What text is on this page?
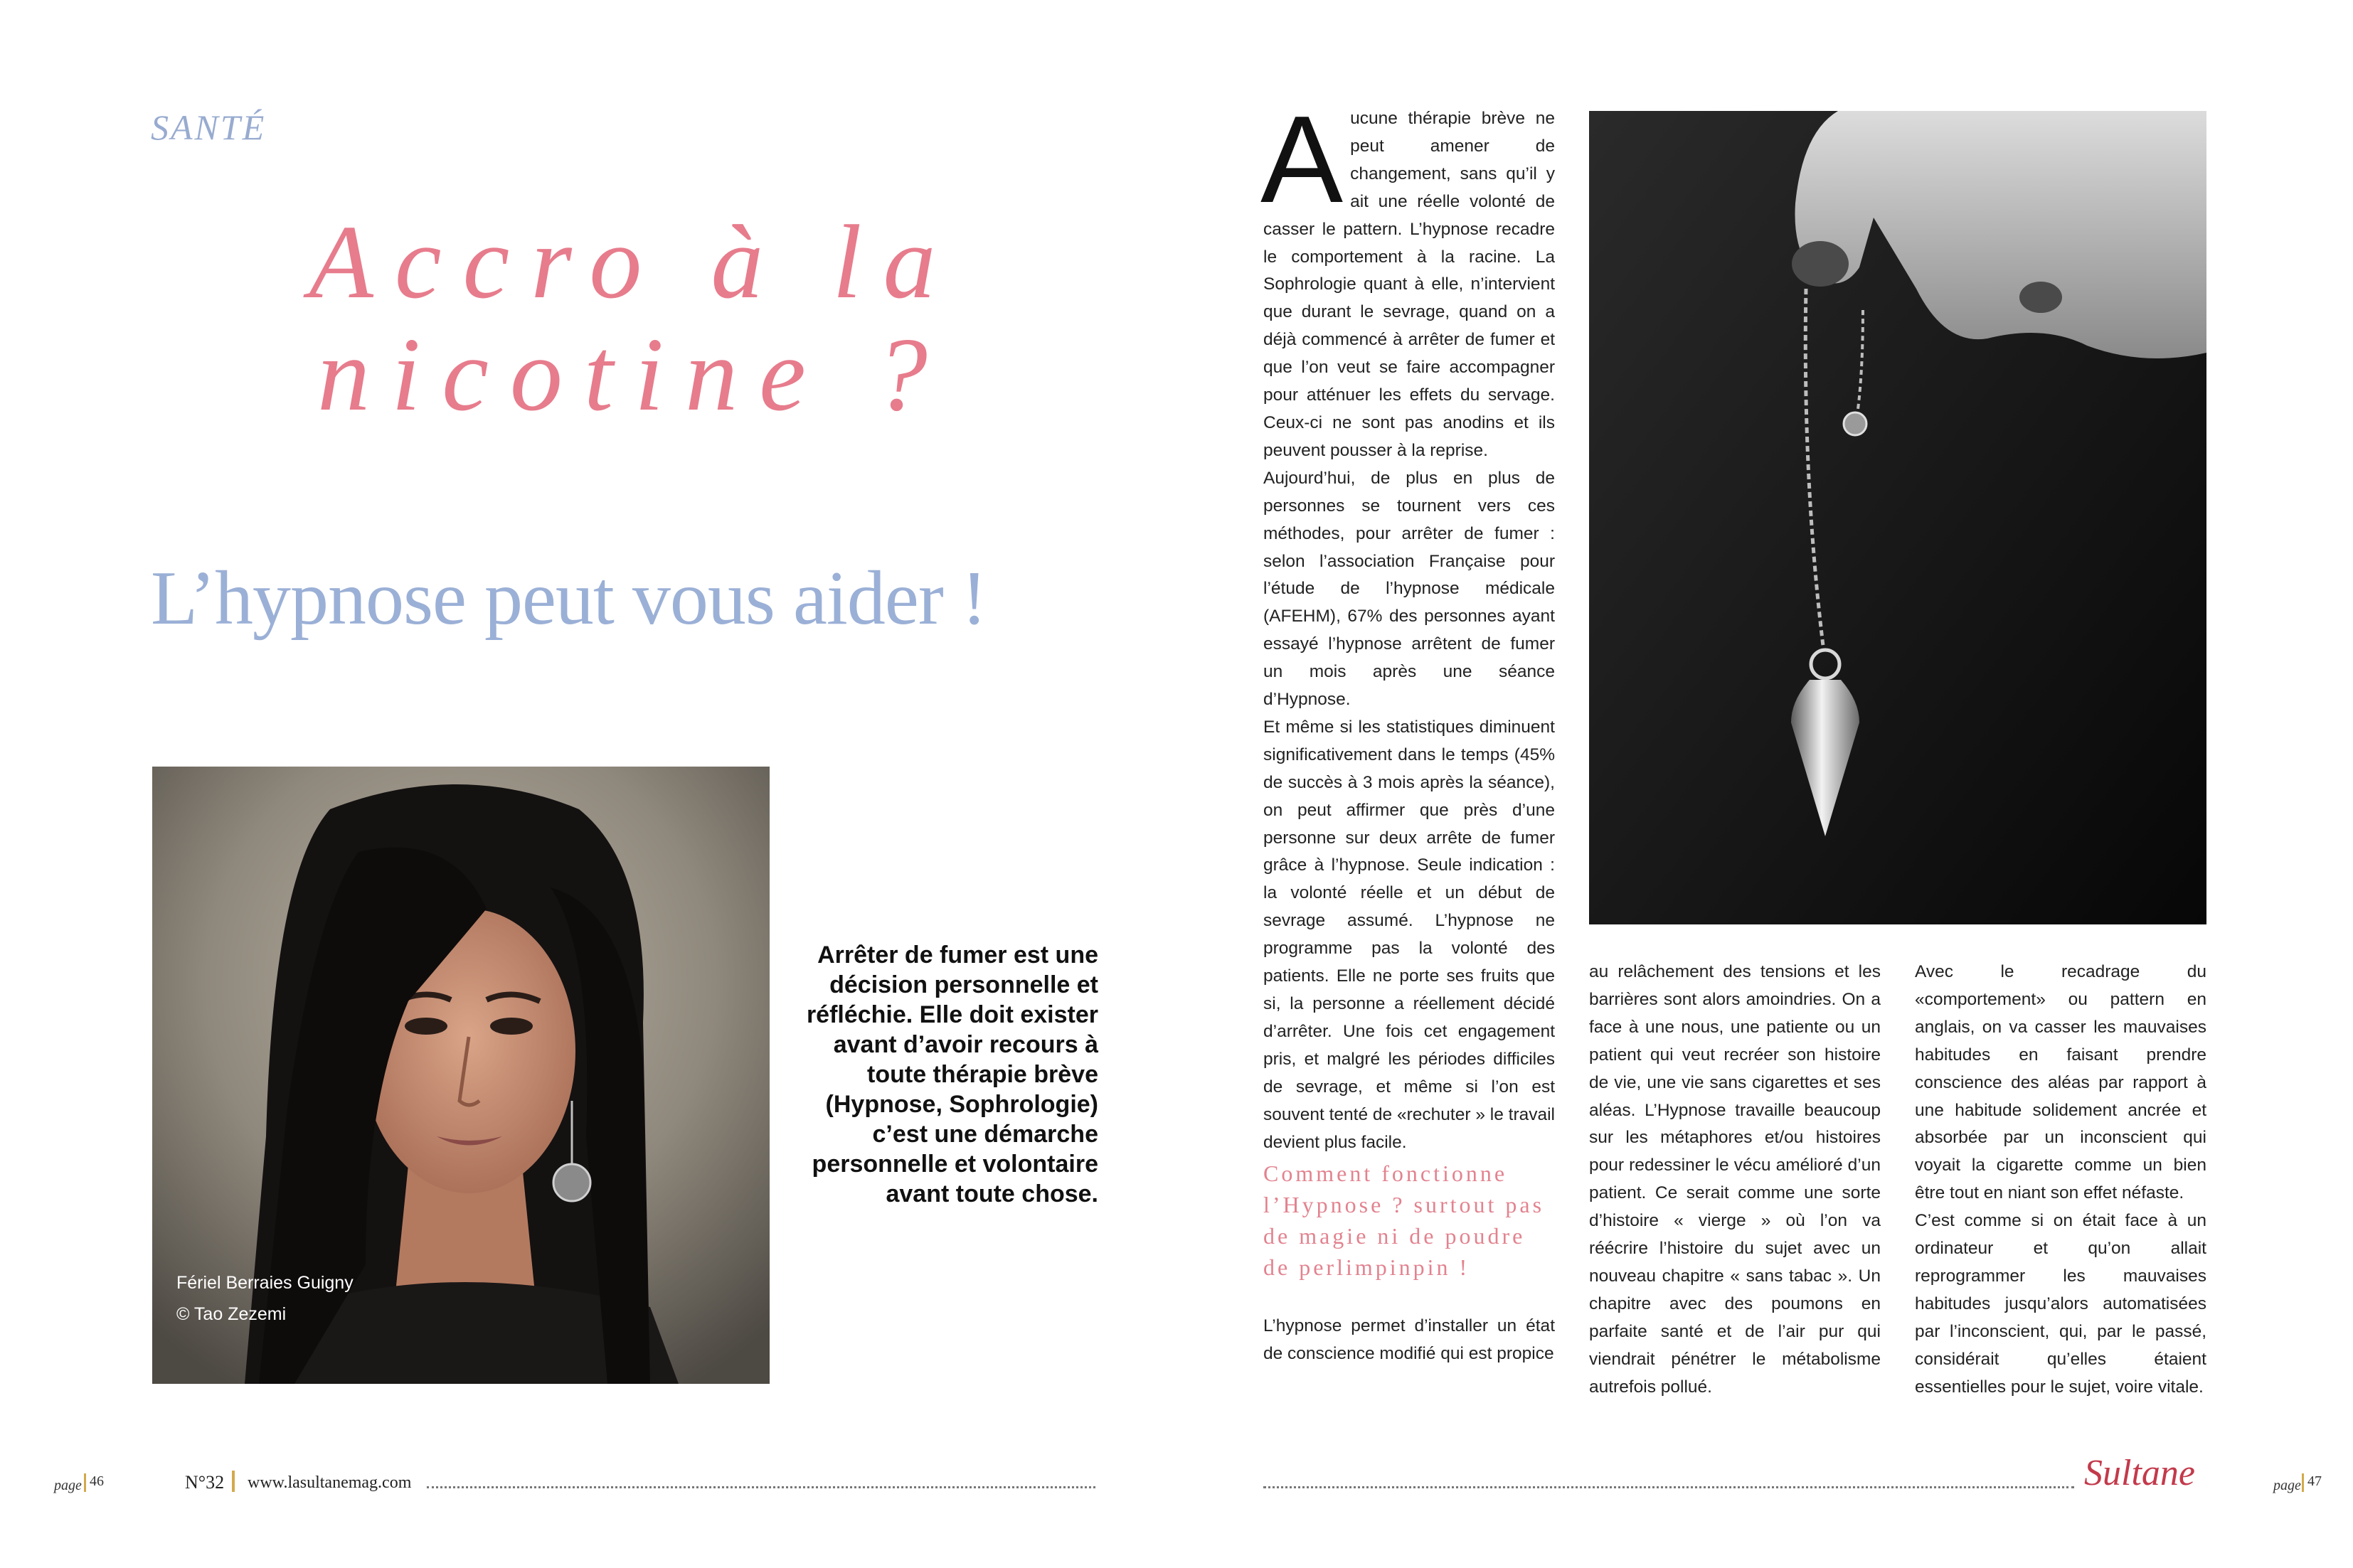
SANTÉ
Accro à la
nicotine ?
L’hypnose peut vous aider !
Fériel Berraies Guigny
© Tao Zezemi
Arrêter de fumer est une décision personnelle et réfléchie. Elle doit exister avant d’avoir recours à toute thérapie brève (Hypnose, Sophrologie) c’est une démarche personnelle et volontaire avant toute chose.
A ucune thérapie brève ne peut amener de changement, sans qu’il y ait une réelle volonté de casser le pattern. L’hypnose recadre le comportement à la racine. La Sophrologie quant à elle, n’intervient que durant le sevrage, quand on a déjà commencé à arrêter de fumer et que l’on veut se faire accompagner pour atténuer les effets du servage. Ceux-ci ne sont pas anodins et ils peuvent pousser à la reprise.

Aujourd’hui, de plus en plus de personnes se tournent vers ces méthodes, pour arrêter de fumer : selon l’association Française pour l’étude de l’hypnose médicale (AFEHM), 67% des personnes ayant essayé l’hypnose arrêtent de fumer un mois après une séance d’Hypnose.

Et même si les statistiques diminuent significativement dans le temps (45% de succès à 3 mois après la séance), on peut affirmer que près d’une personne sur deux arrête de fumer grâce à l’hypnose. Seule indication : la volonté réelle et un début de sevrage assumé. L’hypnose ne programme pas la volonté des patients. Elle ne porte ses fruits que si, la personne a réellement décidé d’arrêter. Une fois cet engagement pris, et malgré les périodes difficiles de sevrage, et même si l’on est souvent tenté de «rechuter » le travail devient plus facile.

Comment fonctionne l’Hypnose ? surtout pas de magie ni de poudre de perlimpinpin !

L’hypnose permet d’installer un état de conscience modifié qui est propice

au relâchement des tensions et les barrières sont alors amoindries. On a face à une nous, une patiente ou un patient qui veut recréer son histoire de vie, une vie sans cigarettes et ses aléas. L’Hypnose travaille beaucoup sur les métaphores et/ou histoires pour redessiner le vécu amélioré d’un patient. Ce serait comme une sorte d’histoire « vierge » où l’on va réécrire l’histoire du sujet avec un nouveau chapitre « sans tabac ». Un chapitre avec des poumons en parfaite santé et de l’air pur qui viendrait pénétrer le métabolisme autrefois pollué.

Avec le recadrage du «comportement» ou pattern en anglais, on va casser les mauvaises habitudes en faisant prendre conscience des aléas par rapport à une habitude solidement ancrée et absorbée par un inconscient qui voyait la cigarette comme un bien être tout en niant son effet néfaste.

C’est comme si on était face à un ordinateur et qu’on allait reprogrammer les mauvaises habitudes jusqu’alors automatisées par l’inconscient, qui, par le passé, considérait qu’elles étaient essentielles pour le sujet, voire vitale.

page 46	N°32 www.lasultanemag.com	Sultane	page 47
